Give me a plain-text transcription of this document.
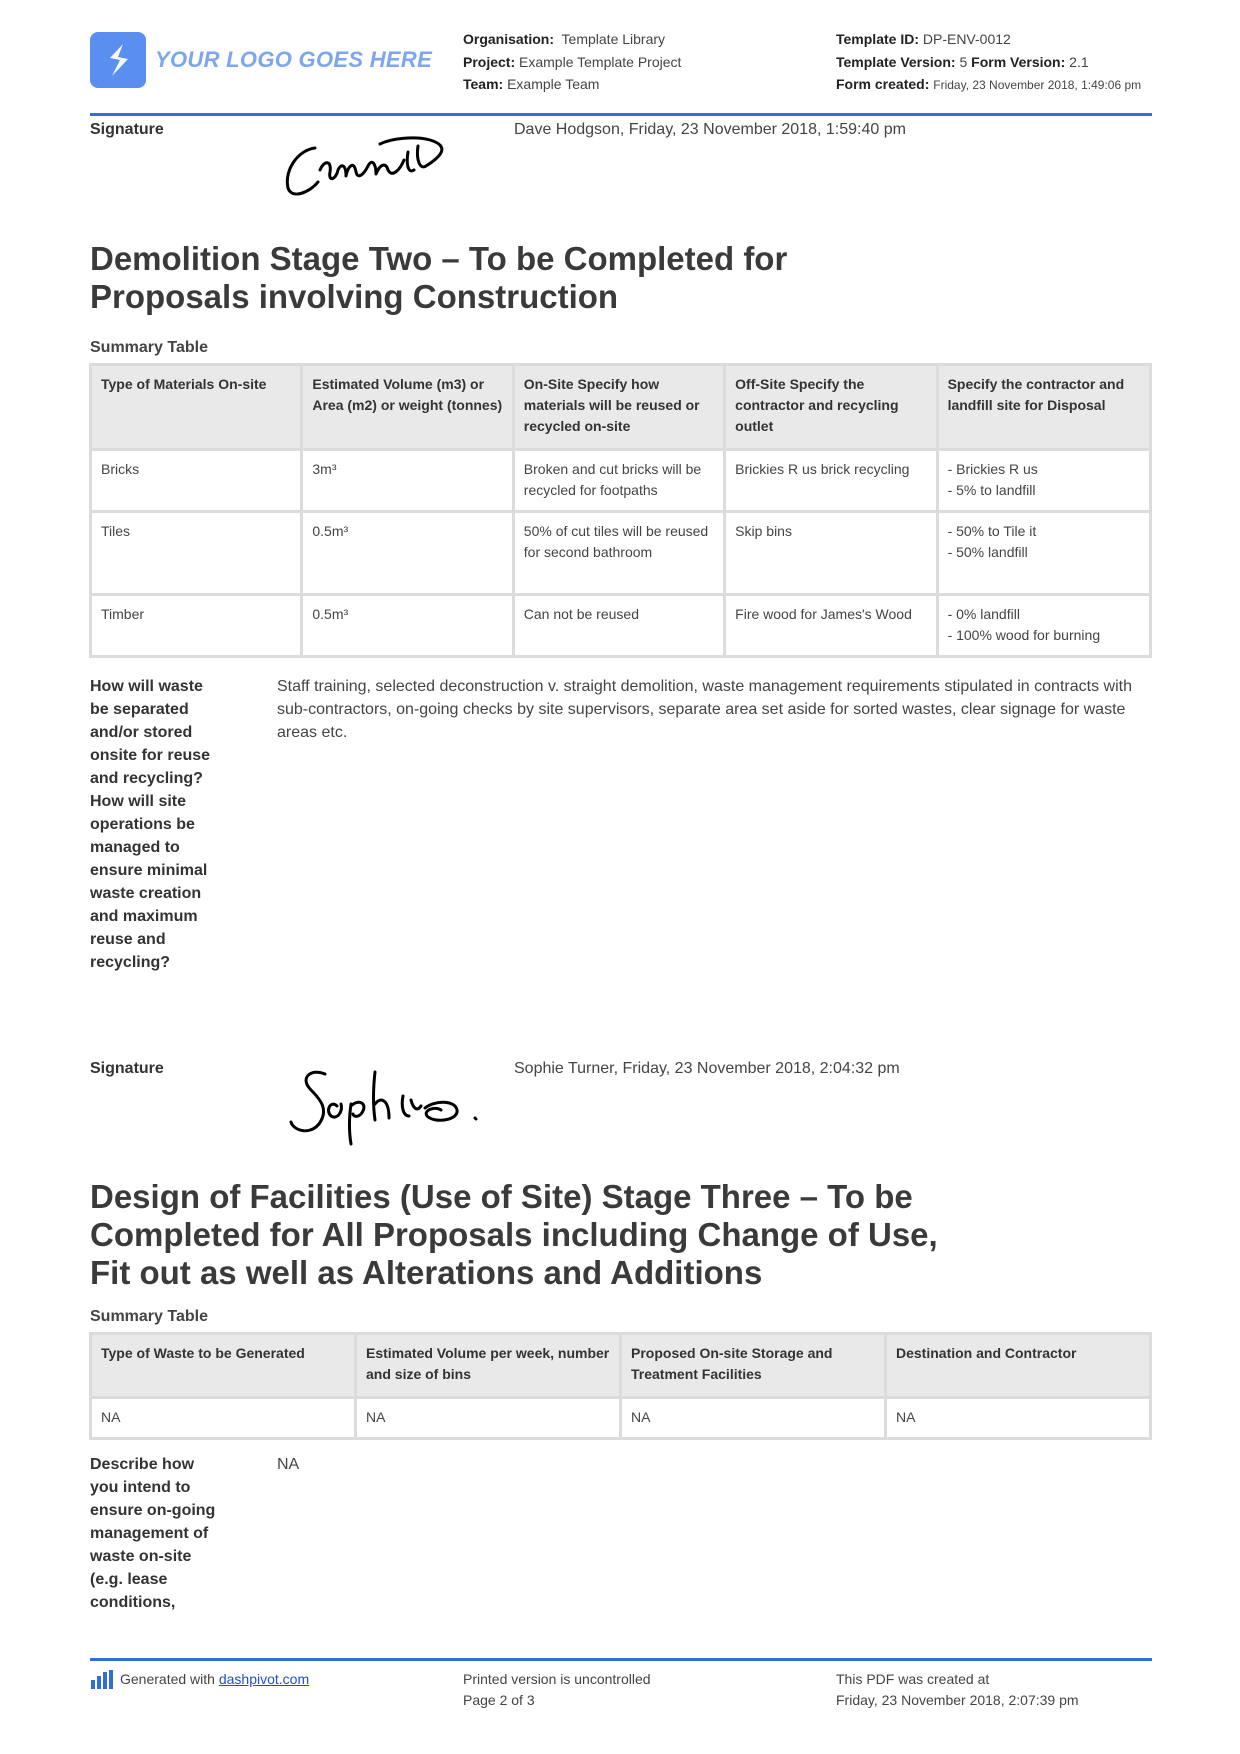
YOUR LOGO GOES HERE
Organisation: Template Library
Project: Example Template Project
Team: Example Team
Template ID: DP-ENV-0012
Template Version: 5 Form Version: 2.1
Form created: Friday, 23 November 2018, 1:49:06 pm
Signature	Dave Hodgson, Friday, 23 November 2018, 1:59:40 pm
Demolition Stage Two – To be Completed for Proposals involving Construction
Summary Table
Type of Materials On-site	Estimated Volume (m3) or Area (m2) or weight (tonnes)	On-Site Specify how materials will be reused or recycled on-site	Off-Site Specify the contractor and recycling outlet	Specify the contractor and landfill site for Disposal
Bricks	3m³	Broken and cut bricks will be recycled for footpaths	Brickies R us brick recycling	- Brickies R us
- 5% to landfill

Tiles	0.5m³	50% of cut tiles will be reused for second bathroom	Skip bins	- 50% to Tile it
- 50% landfill

Timber	0.5m³	Can not be reused	Fire wood for James's Wood	- 0% landfill
- 100% wood for burning
How will waste be separated and/or stored onsite for reuse and recycling? How will site operations be managed to ensure minimal waste creation and maximum reuse and recycling?
Staff training, selected deconstruction v. straight demolition, waste management requirements stipulated in contracts with sub-contractors, on-going checks by site supervisors, separate area set aside for sorted wastes, clear signage for waste areas etc.
Signature	Sophie Turner, Friday, 23 November 2018, 2:04:32 pm
Design of Facilities (Use of Site) Stage Three – To be Completed for All Proposals including Change of Use, Fit out as well as Alterations and Additions
Summary Table
Type of Waste to be Generated	Estimated Volume per week, number and size of bins	Proposed On-site Storage and Treatment Facilities	Destination and Contractor
NA	NA	NA	NA
Describe how you intend to ensure on-going management of waste on-site (e.g. lease conditions,
NA
Generated with dashpivot.com	Printed version is uncontrolled
Page 2 of 3
This PDF was created at
Friday, 23 November 2018, 2:07:39 pm
